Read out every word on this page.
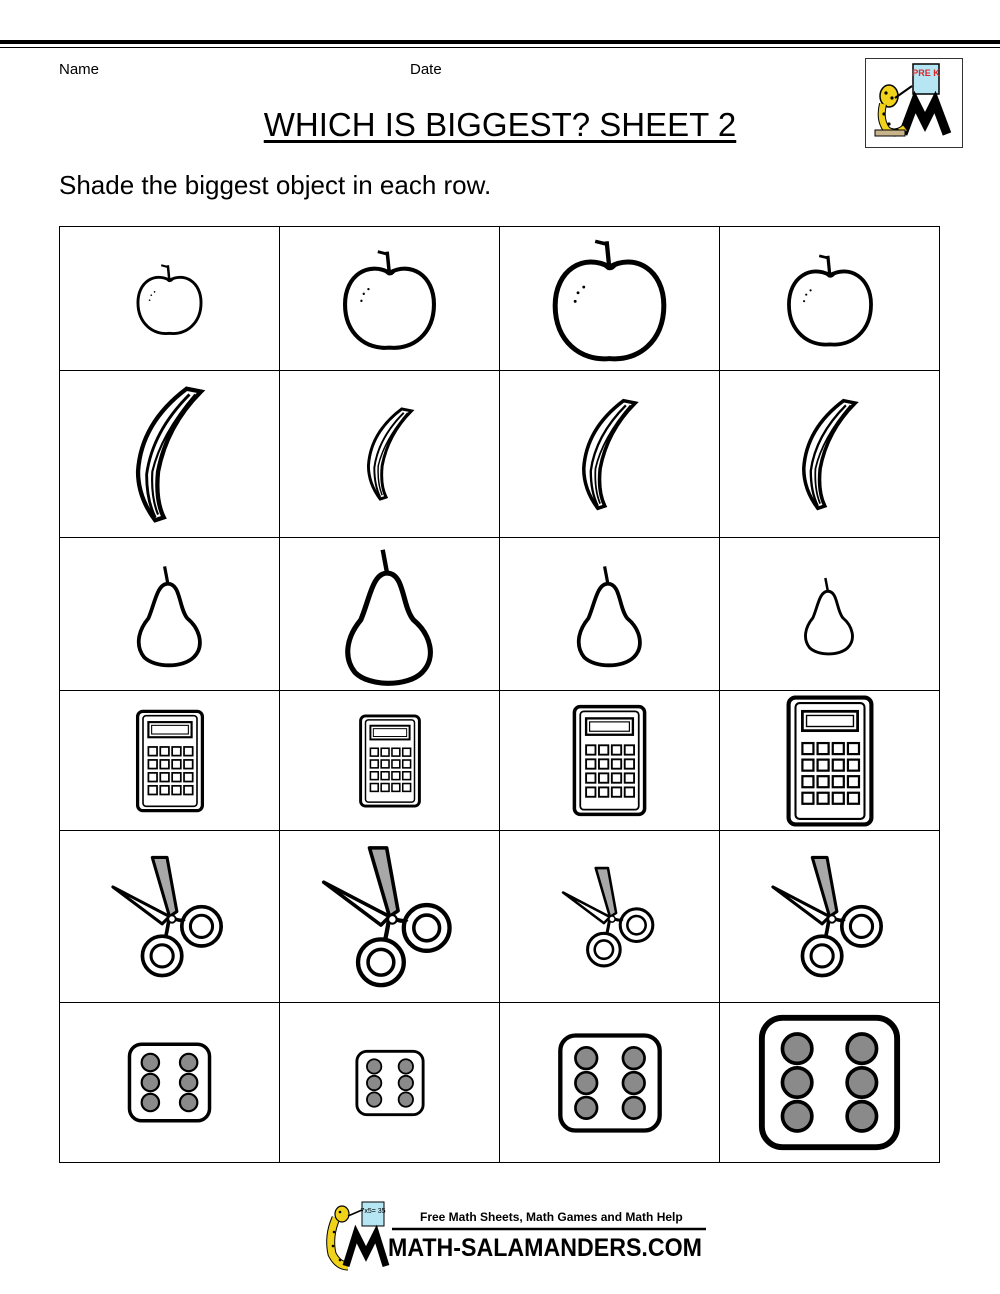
Name	Date	PRE K
WHICH IS BIGGEST? SHEET 2
Shade the biggest object in each row.

7x5= 35	Free Math Sheets, Math Games and Math Help
MATH-SALAMANDERS.COM
